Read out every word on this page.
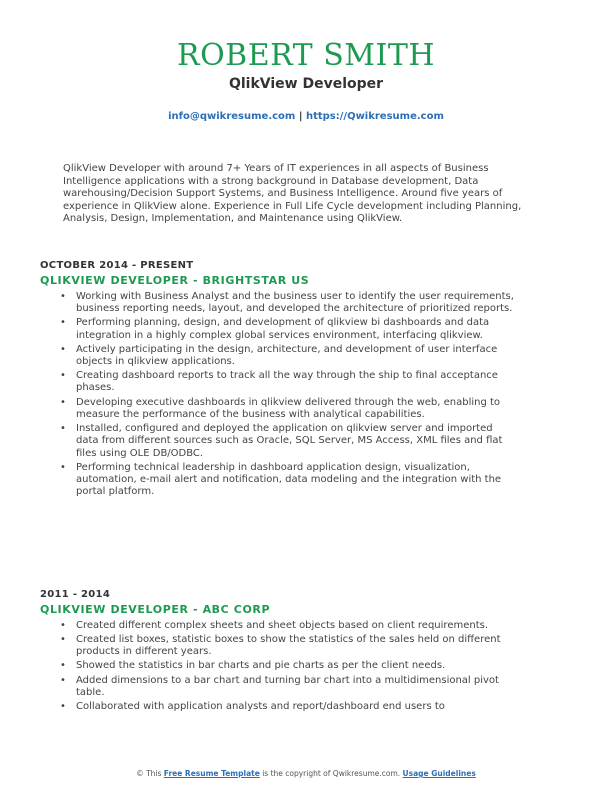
ROBERT SMITH
QlikView Developer
info@qwikresume.com | https://Qwikresume.com
QlikView Developer with around 7+ Years of IT experiences in all aspects of Business Intelligence applications with a strong background in Database development, Data warehousing/Decision Support Systems, and Business Intelligence. Around five years of experience in QlikView alone. Experience in Full Life Cycle development including Planning, Analysis, Design, Implementation, and Maintenance using QlikView.
OCTOBER 2014 - PRESENT
QLIKVIEW DEVELOPER - BRIGHTSTAR US
• Working with Business Analyst and the business user to identify the user requirements, business reporting needs, layout, and developed the architecture of prioritized reports.
• Performing planning, design, and development of qlikview bi dashboards and data integration in a highly complex global services environment, interfacing qlikview.
• Actively participating in the design, architecture, and development of user interface objects in qlikview applications.
• Creating dashboard reports to track all the way through the ship to final acceptance phases.
• Developing executive dashboards in qlikview delivered through the web, enabling to measure the performance of the business with analytical capabilities.
• Installed, configured and deployed the application on qlikview server and imported data from different sources such as Oracle, SQL Server, MS Access, XML files and flat files using OLE DB/ODBC.
• Performing technical leadership in dashboard application design, visualization, automation, e-mail alert and notification, data modeling and the integration with the portal platform.
2011 - 2014
QLIKVIEW DEVELOPER - ABC CORP
• Created different complex sheets and sheet objects based on client requirements.
• Created list boxes, statistic boxes to show the statistics of the sales held on different products in different years.
• Showed the statistics in bar charts and pie charts as per the client needs.
• Added dimensions to a bar chart and turning bar chart into a multidimensional pivot table.
• Collaborated with application analysts and report/dashboard end users to
© This Free Resume Template is the copyright of Qwikresume.com. Usage Guidelines
